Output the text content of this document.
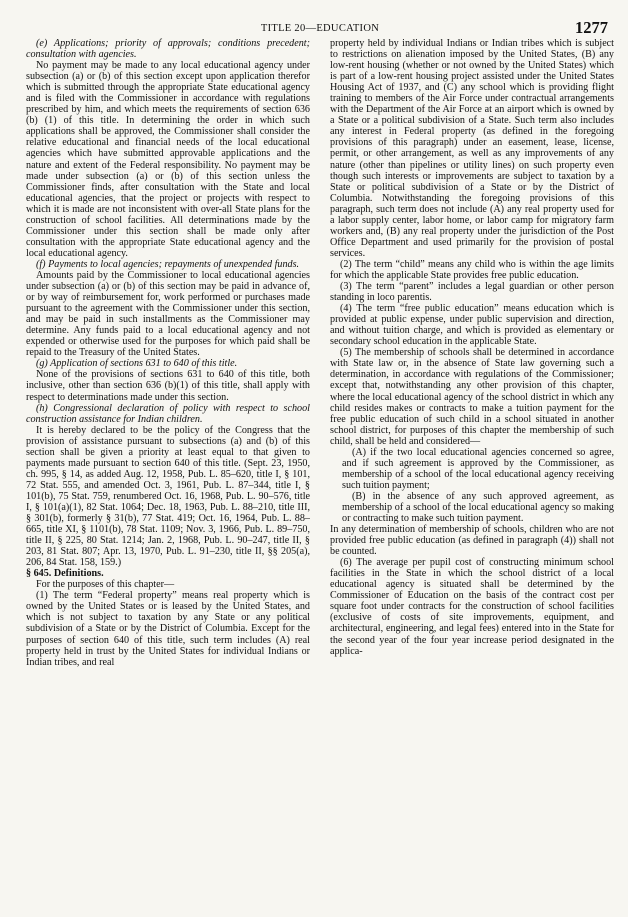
TITLE 20—EDUCATION	1277

(e) Applications; priority of approvals; conditions precedent; consultation with agencies.

No payment may be made to any local educational agency under subsection (a) or (b) of this section except upon application therefor which is submitted through the appropriate State educational agency and is filed with the Commissioner in accordance with regulations prescribed by him, and which meets the requirements of section 636 (b) (1) of this title. In determining the order in which such applications shall be approved, the Commissioner shall consider the relative educational and financial needs of the local educational agencies which have submitted approvable applications and the nature and extent of the Federal responsibility. No payment may be made under subsection (a) or (b) of this section unless the Commissioner finds, after consultation with the State and local educational agencies, that the project or projects with respect to which it is made are not inconsistent with over-all State plans for the construction of school facilities. All determinations made by the Commissioner under this section shall be made only after consultation with the appropriate State educational agency and the local educational agency.

(f) Payments to local agencies; repayments of unexpended funds.

Amounts paid by the Commissioner to local educational agencies under subsection (a) or (b) of this section may be paid in advance of, or by way of reimbursement for, work performed or purchases made pursuant to the agreement with the Commissioner under this section, and may be paid in such installments as the Commissioner may determine. Any funds paid to a local educational agency and not expended or otherwise used for the purposes for which paid shall be repaid to the Treasury of the United States.

(g) Application of sections 631 to 640 of this title.

None of the provisions of sections 631 to 640 of this title, both inclusive, other than section 636 (b)(1) of this title, shall apply with respect to determinations made under this section.

(h) Congressional declaration of policy with respect to school construction assistance for Indian children.

It is hereby declared to be the policy of the Congress that the provision of assistance pursuant to subsections (a) and (b) of this section shall be given a priority at least equal to that given to payments made pursuant to section 640 of this title. (Sept. 23, 1950, ch. 995, § 14, as added Aug. 12, 1958, Pub. L. 85–620, title I, § 101, 72 Stat. 555, and amended Oct. 3, 1961, Pub. L. 87–344, title I, § 101(b), 75 Stat. 759, renumbered Oct. 16, 1968, Pub. L. 90–576, title I, § 101(a)(1), 82 Stat. 1064; Dec. 18, 1963, Pub. L. 88–210, title III, § 301(b), formerly § 31(b), 77 Stat. 419; Oct. 16, 1964, Pub. L. 88–665, title XI, § 1101(b), 78 Stat. 1109; Nov. 3, 1966, Pub. L. 89–750, title II, § 225, 80 Stat. 1214; Jan. 2, 1968, Pub. L. 90–247, title II, § 203, 81 Stat. 807; Apr. 13, 1970, Pub. L. 91–230, title II, §§ 205(a), 206, 84 Stat. 158, 159.)

§ 645. Definitions.

For the purposes of this chapter—

(1) The term “Federal property” means real property which is owned by the United States or is leased by the United States, and which is not subject to taxation by any State or any political subdivision of a State or by the District of Columbia. Except for the purposes of section 640 of this title, such term includes (A) real property held in trust by the United States for individual Indians or Indian tribes, and real

property held by individual Indians or Indian tribes which is subject to restrictions on alienation imposed by the United States, (B) any low-rent housing (whether or not owned by the United States) which is part of a low-rent housing project assisted under the United States Housing Act of 1937, and (C) any school which is providing flight training to members of the Air Force under contractual arrangements with the Department of the Air Force at an airport which is owned by a State or a political subdivision of a State. Such term also includes any interest in Federal property (as defined in the foregoing provisions of this paragraph) under an easement, lease, license, permit, or other arrangement, as well as any improvements of any nature (other than pipelines or utility lines) on such property even though such interests or improvements are subject to taxation by a State or political subdivision of a State or by the District of Columbia. Notwithstanding the foregoing provisions of this paragraph, such term does not include (A) any real property used for a labor supply center, labor home, or labor camp for migratory farm workers and, (B) any real property under the jurisdiction of the Post Office Department and used primarily for the provision of postal services.

(2) The term “child” means any child who is within the age limits for which the applicable State provides free public education.

(3) The term “parent” includes a legal guardian or other person standing in loco parentis.

(4) The term “free public education” means education which is provided at public expense, under public supervision and direction, and without tuition charge, and which is provided as elementary or secondary school education in the applicable State.

(5) The membership of schools shall be determined in accordance with State law or, in the absence of State law governing such a determination, in accordance with regulations of the Commissioner; except that, notwithstanding any other provision of this chapter, where the local educational agency of the school district in which any child resides makes or contracts to make a tuition payment for the free public education of such child in a school situated in another school district, for purposes of this chapter the membership of such child, shall be held and considered—

(A) if the two local educational agencies concerned so agree, and if such agreement is approved by the Commissioner, as membership of a school of the local educational agency receiving such tuition payment;

(B) in the absence of any such approved agreement, as membership of a school of the local educational agency so making or contracting to make such tuition payment.

In any determination of membership of schools, children who are not provided free public education (as defined in paragraph (4)) shall not be counted.

(6) The average per pupil cost of constructing minimum school facilities in the State in which the school district of a local educational agency is situated shall be determined by the Commissioner of Education on the basis of the contract cost per square foot under contracts for the construction of school facilities (exclusive of costs of site improvements, equipment, and architectural, engineering, and legal fees) entered into in the State for the second year of the four year increase period designated in the applica-
